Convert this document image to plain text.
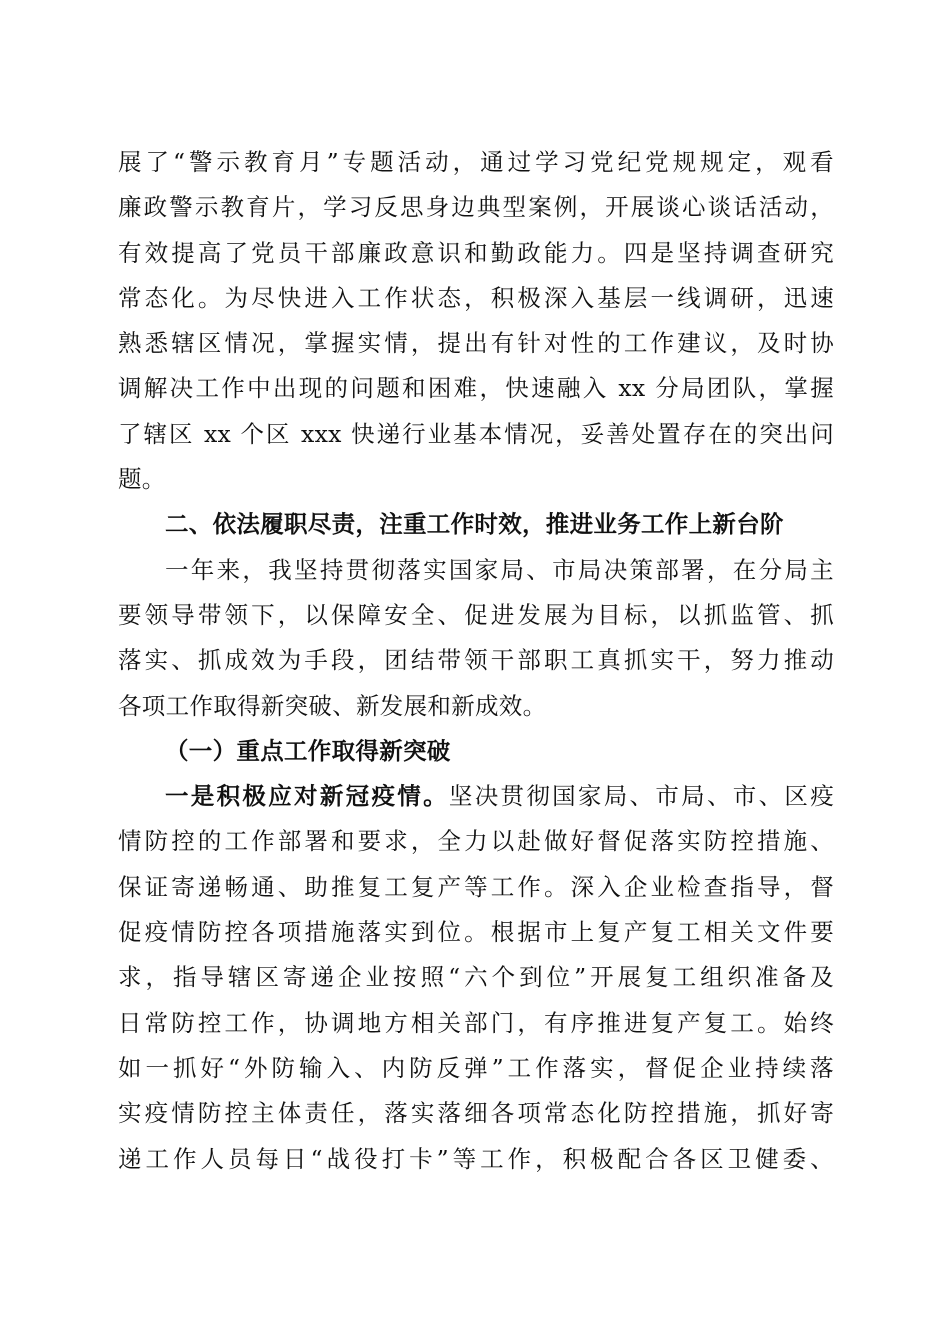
展了“警示教育月”专题活动，通过学习党纪党规规定，观看
廉政警示教育片，学习反思身边典型案例，开展谈心谈话活动，
有效提高了党员干部廉政意识和勤政能力。四是坚持调查研究
常态化。为尽快进入工作状态，积极深入基层一线调研，迅速
熟悉辖区情况，掌握实情，提出有针对性的工作建议，及时协
调解决工作中出现的问题和困难，快速融入 xx 分局团队，掌握
了辖区 xx 个区 xxx 快递行业基本情况，妥善处置存在的突出问
题。
二、依法履职尽责，注重工作时效，推进业务工作上新台阶
一年来，我坚持贯彻落实国家局、市局决策部署，在分局主
要领导带领下，以保障安全、促进发展为目标，以抓监管、抓
落实、抓成效为手段，团结带领干部职工真抓实干，努力推动
各项工作取得新突破、新发展和新成效。
（一）重点工作取得新突破
一是积极应对新冠疫情。坚决贯彻国家局、市局、市、区疫
情防控的工作部署和要求，全力以赴做好督促落实防控措施、
保证寄递畅通、助推复工复产等工作。深入企业检查指导，督
促疫情防控各项措施落实到位。根据市上复产复工相关文件要
求，指导辖区寄递企业按照“六个到位”开展复工组织准备及
日常防控工作，协调地方相关部门，有序推进复产复工。始终
如一抓好“外防输入、内防反弹”工作落实，督促企业持续落
实疫情防控主体责任，落实落细各项常态化防控措施，抓好寄
递工作人员每日“战役打卡”等工作，积极配合各区卫健委、
